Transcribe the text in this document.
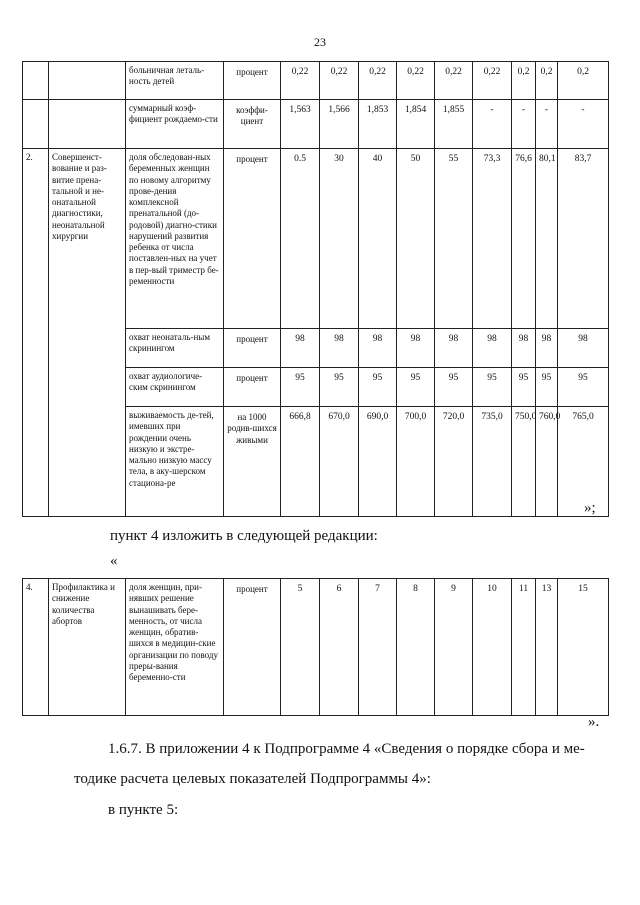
23
		больничная леталь-ность детей	процент	0,22	0,22	0,22	0,22	0,22	0,22	0,2	0,2	0,2
		суммарный коэф-фициент рождаемо-сти	коэффи-циент	1,563	1,566	1,853	1,854	1,855	-	-	-	-
2.	Совершенст-вование и раз-витие прена-тальной и не-онатальной диагностики, неонатальной хирургии	доля обследован-ных беременных женщин по новому алгоритму прове-дения комплексной пренатальной (до-родовой) диагно-стики нарушений развития ребенка от числа поставлен-ных на учет в пер-вый триместр бе-ременности	процент	0.5	30	40	50	55	73,3	76,6	80,1	83,7
		охват неонаталь-ным скринингом	процент	98	98	98	98	98	98	98	98	98
		охват аудиологиче-ским скринингом	процент	95	95	95	95	95	95	95	95	95
		выживаемость де-тей, имевших при рождении очень низкую и экстре-мально низкую массу тела, в аку-шерском стациона-ре	на 1000 родив-шихся живыми	666,8	670,0	690,0	700,0	720,0	735,0	750,0	760,0	765,0
»;
пункт 4 изложить в следующей редакции:
«
4.	Профилактика и снижение количества абортов	доля женщин, при-нявших решение вынашивать бере-менность, от числа женщин, обратив-шихся в медицин-ские организации по поводу преры-вания беременно-сти	процент	5	6	7	8	9	10	11	13	15
».
1.6.7. В приложении 4 к Подпрограмме 4 «Сведения о порядке сбора и ме-
тодике расчета целевых показателей Подпрограммы 4»:
в пункте 5:
